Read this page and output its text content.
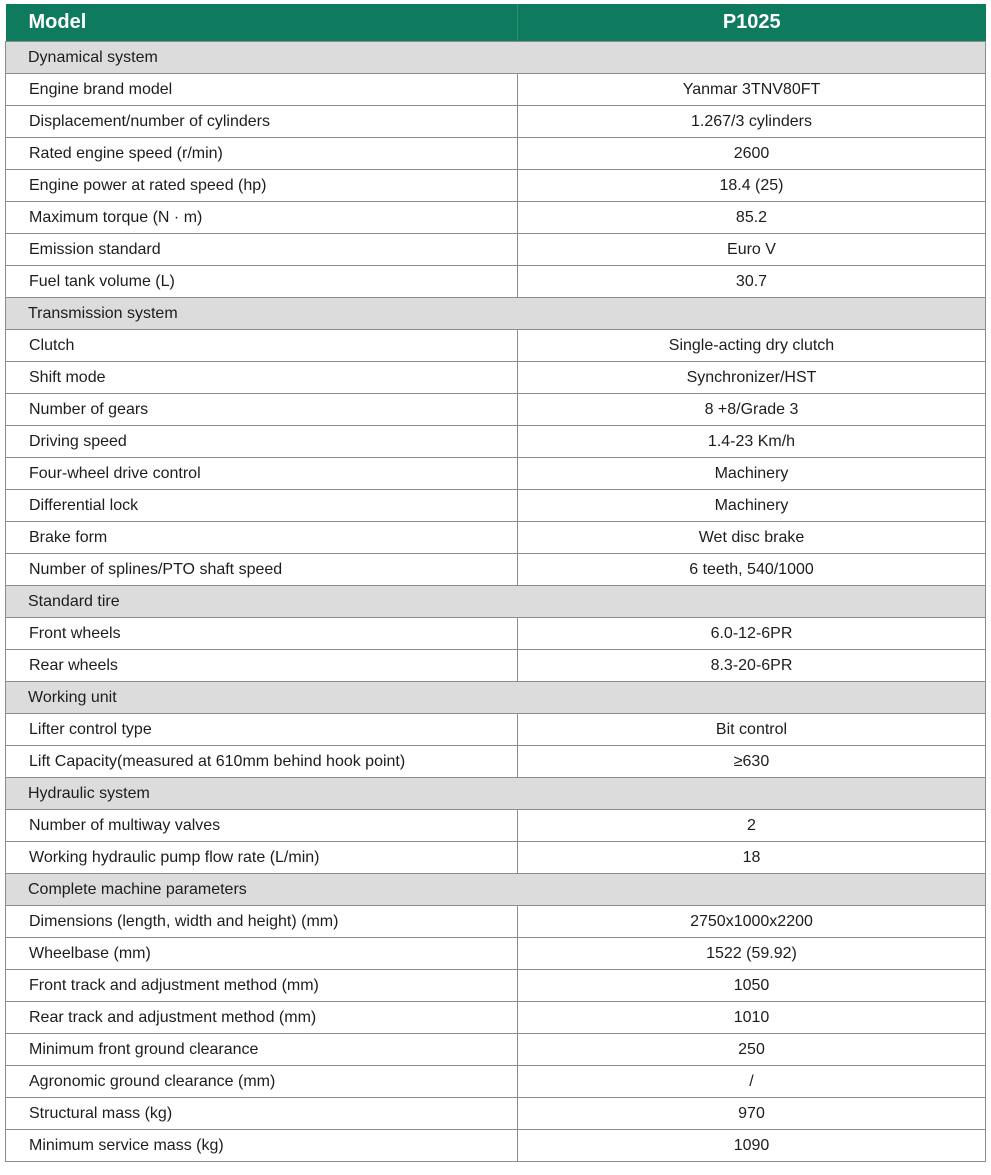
Model	P1025
Dynamical system	
Engine brand model	Yanmar 3TNV80FT
Displacement/number of cylinders	1.267/3 cylinders
Rated engine speed (r/min)	2600
Engine power at rated speed (hp)	18.4 (25)
Maximum torque (N · m)	85.2
Emission standard	Euro V
Fuel tank volume (L)	30.7
Transmission system	
Clutch	Single-acting dry clutch
Shift mode	Synchronizer/HST
Number of gears	8 +8/Grade 3
Driving speed	1.4-23 Km/h
Four-wheel drive control	Machinery
Differential lock	Machinery
Brake form	Wet disc brake
Number of splines/PTO shaft speed	6 teeth, 540/1000
Standard tire	
Front wheels	6.0-12-6PR
Rear wheels	8.3-20-6PR
Working unit	
Lifter control type	Bit control
Lift Capacity(measured at 610mm behind hook point)	≥630
Hydraulic system	
Number of multiway valves	2
Working hydraulic pump flow rate (L/min)	18
Complete machine parameters	
Dimensions (length, width and height) (mm)	2750x1000x2200
Wheelbase (mm)	1522 (59.92)
Front track and adjustment method (mm)	1050
Rear track and adjustment method (mm)	1010
Minimum front ground clearance	250
Agronomic ground clearance (mm)	/
Structural mass (kg)	970
Minimum service mass (kg)	1090
